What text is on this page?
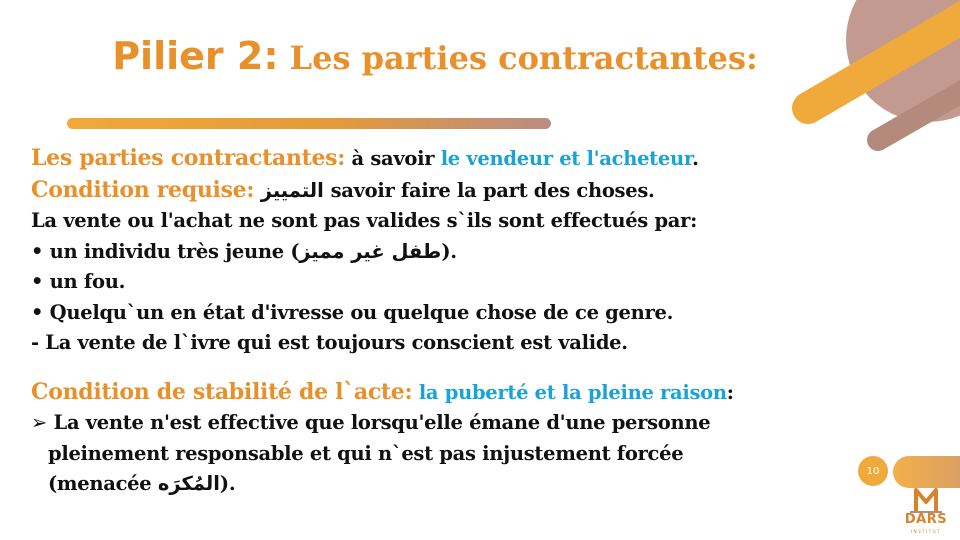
Pilier 2: Les parties contractantes:
Les parties contractantes: à savoir le vendeur et l'acheteur.
Condition requise: التمييز savoir faire la part des choses.
La vente ou l'achat ne sont pas valides s`ils sont effectués par:
• un individu très jeune (طفل غير مميز).
• un fou.
• Quelqu`un en état d'ivresse ou quelque chose de ce genre.
- La vente de l`ivre qui est toujours conscient est valide.
Condition de stabilité de l`acte: la puberté et la pleine raison:
➢ La vente n'est effective que lorsqu'elle émane d'une personne
pleinement responsable et qui n`est pas injustement forcée
(menacée المُكرَه).
10
DARS
INSTITUT
